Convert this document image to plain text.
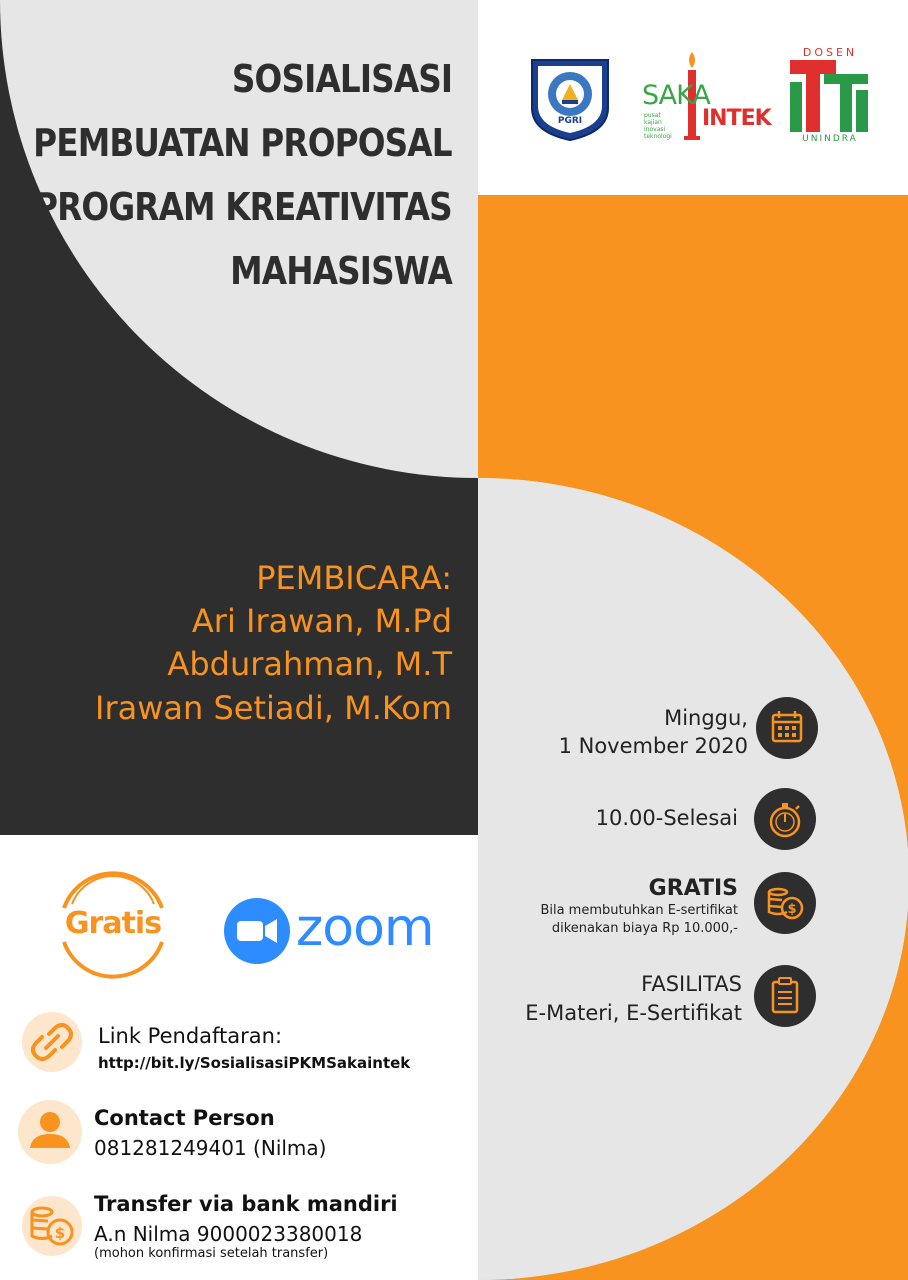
SOSIALISASI
PEMBUATAN PROPOSAL
PROGRAM KREATIVITAS
MAHASISWA
PGRI
SAKA
INTEK
pusat
kajian
inovasi
teknologi
DOSEN
UNINDRA
PEMBICARA:
Ari Irawan, M.Pd
Abdurahman, M.T
Irawan Setiadi, M.Kom	Minggu,
1 November 2020
10.00-Selesai
GRATIS
Bila membutuhkan E-sertifikat
dikenakan biaya Rp 10.000,-
$
FASILITAS
E-Materi, E-Sertifikat
Gratis	zoom
Link Pendaftaran:
http://bit.ly/SosialisasiPKMSakaintek
Contact Person
081281249401 (Nilma)
$
Transfer via bank mandiri
A.n Nilma 9000023380018
(mohon konfirmasi setelah transfer)
